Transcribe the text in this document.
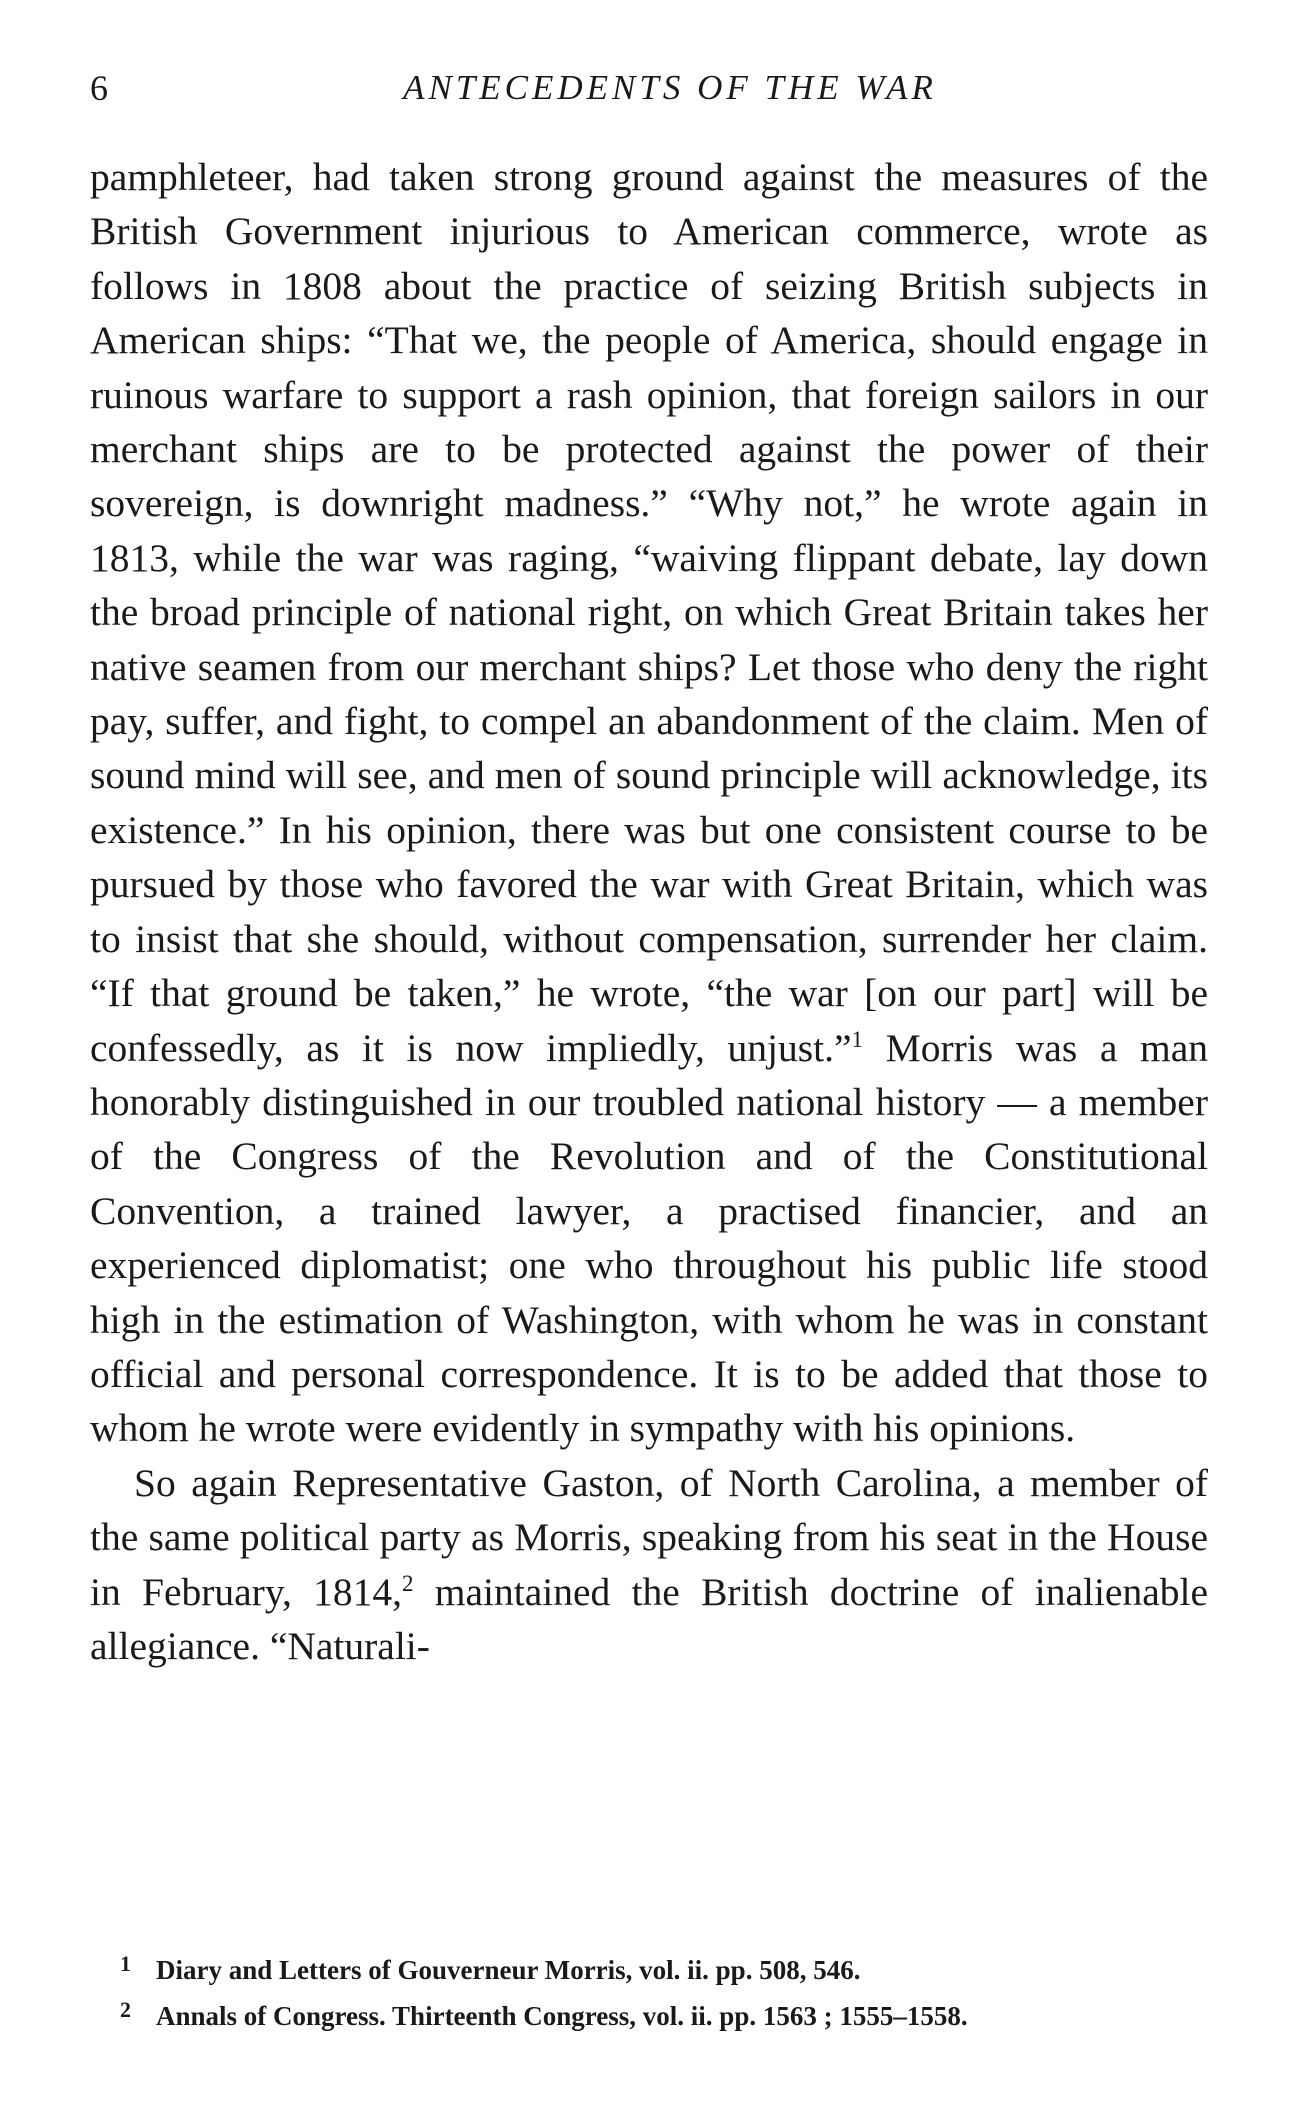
6	ANTECEDENTS OF THE WAR

pamphleteer, had taken strong ground against the measures of the British Government injurious to American commerce, wrote as follows in 1808 about the practice of seizing British subjects in American ships: “That we, the people of America, should engage in ruinous warfare to support a rash opinion, that foreign sailors in our merchant ships are to be protected against the power of their sovereign, is downright madness.” “Why not,” he wrote again in 1813, while the war was raging, “waiving flippant debate, lay down the broad principle of national right, on which Great Britain takes her native seamen from our merchant ships? Let those who deny the right pay, suffer, and fight, to compel an abandonment of the claim. Men of sound mind will see, and men of sound principle will acknowledge, its existence.” In his opinion, there was but one consistent course to be pursued by those who favored the war with Great Britain, which was to insist that she should, without compensation, surrender her claim. “If that ground be taken,” he wrote, “the war [on our part] will be confessedly, as it is now impliedly, unjust.”$^1$ Morris was a man honorably distinguished in our troubled national history — a member of the Congress of the Revolution and of the Constitutional Convention, a trained lawyer, a practised financier, and an experienced diplomatist; one who throughout his public life stood high in the estimation of Washington, with whom he was in constant official and personal correspondence. It is to be added that those to whom he wrote were evidently in sympathy with his opinions.

So again Representative Gaston, of North Carolina, a member of the same political party as Morris, speaking from his seat in the House in February, 1814,$^2$ maintained the British doctrine of inalienable allegiance. “Naturali-

1 Diary and Letters of Gouverneur Morris, vol. ii. pp. 508, 546.
2 Annals of Congress. Thirteenth Congress, vol. ii. pp. 1563 ; 1555–1558.
